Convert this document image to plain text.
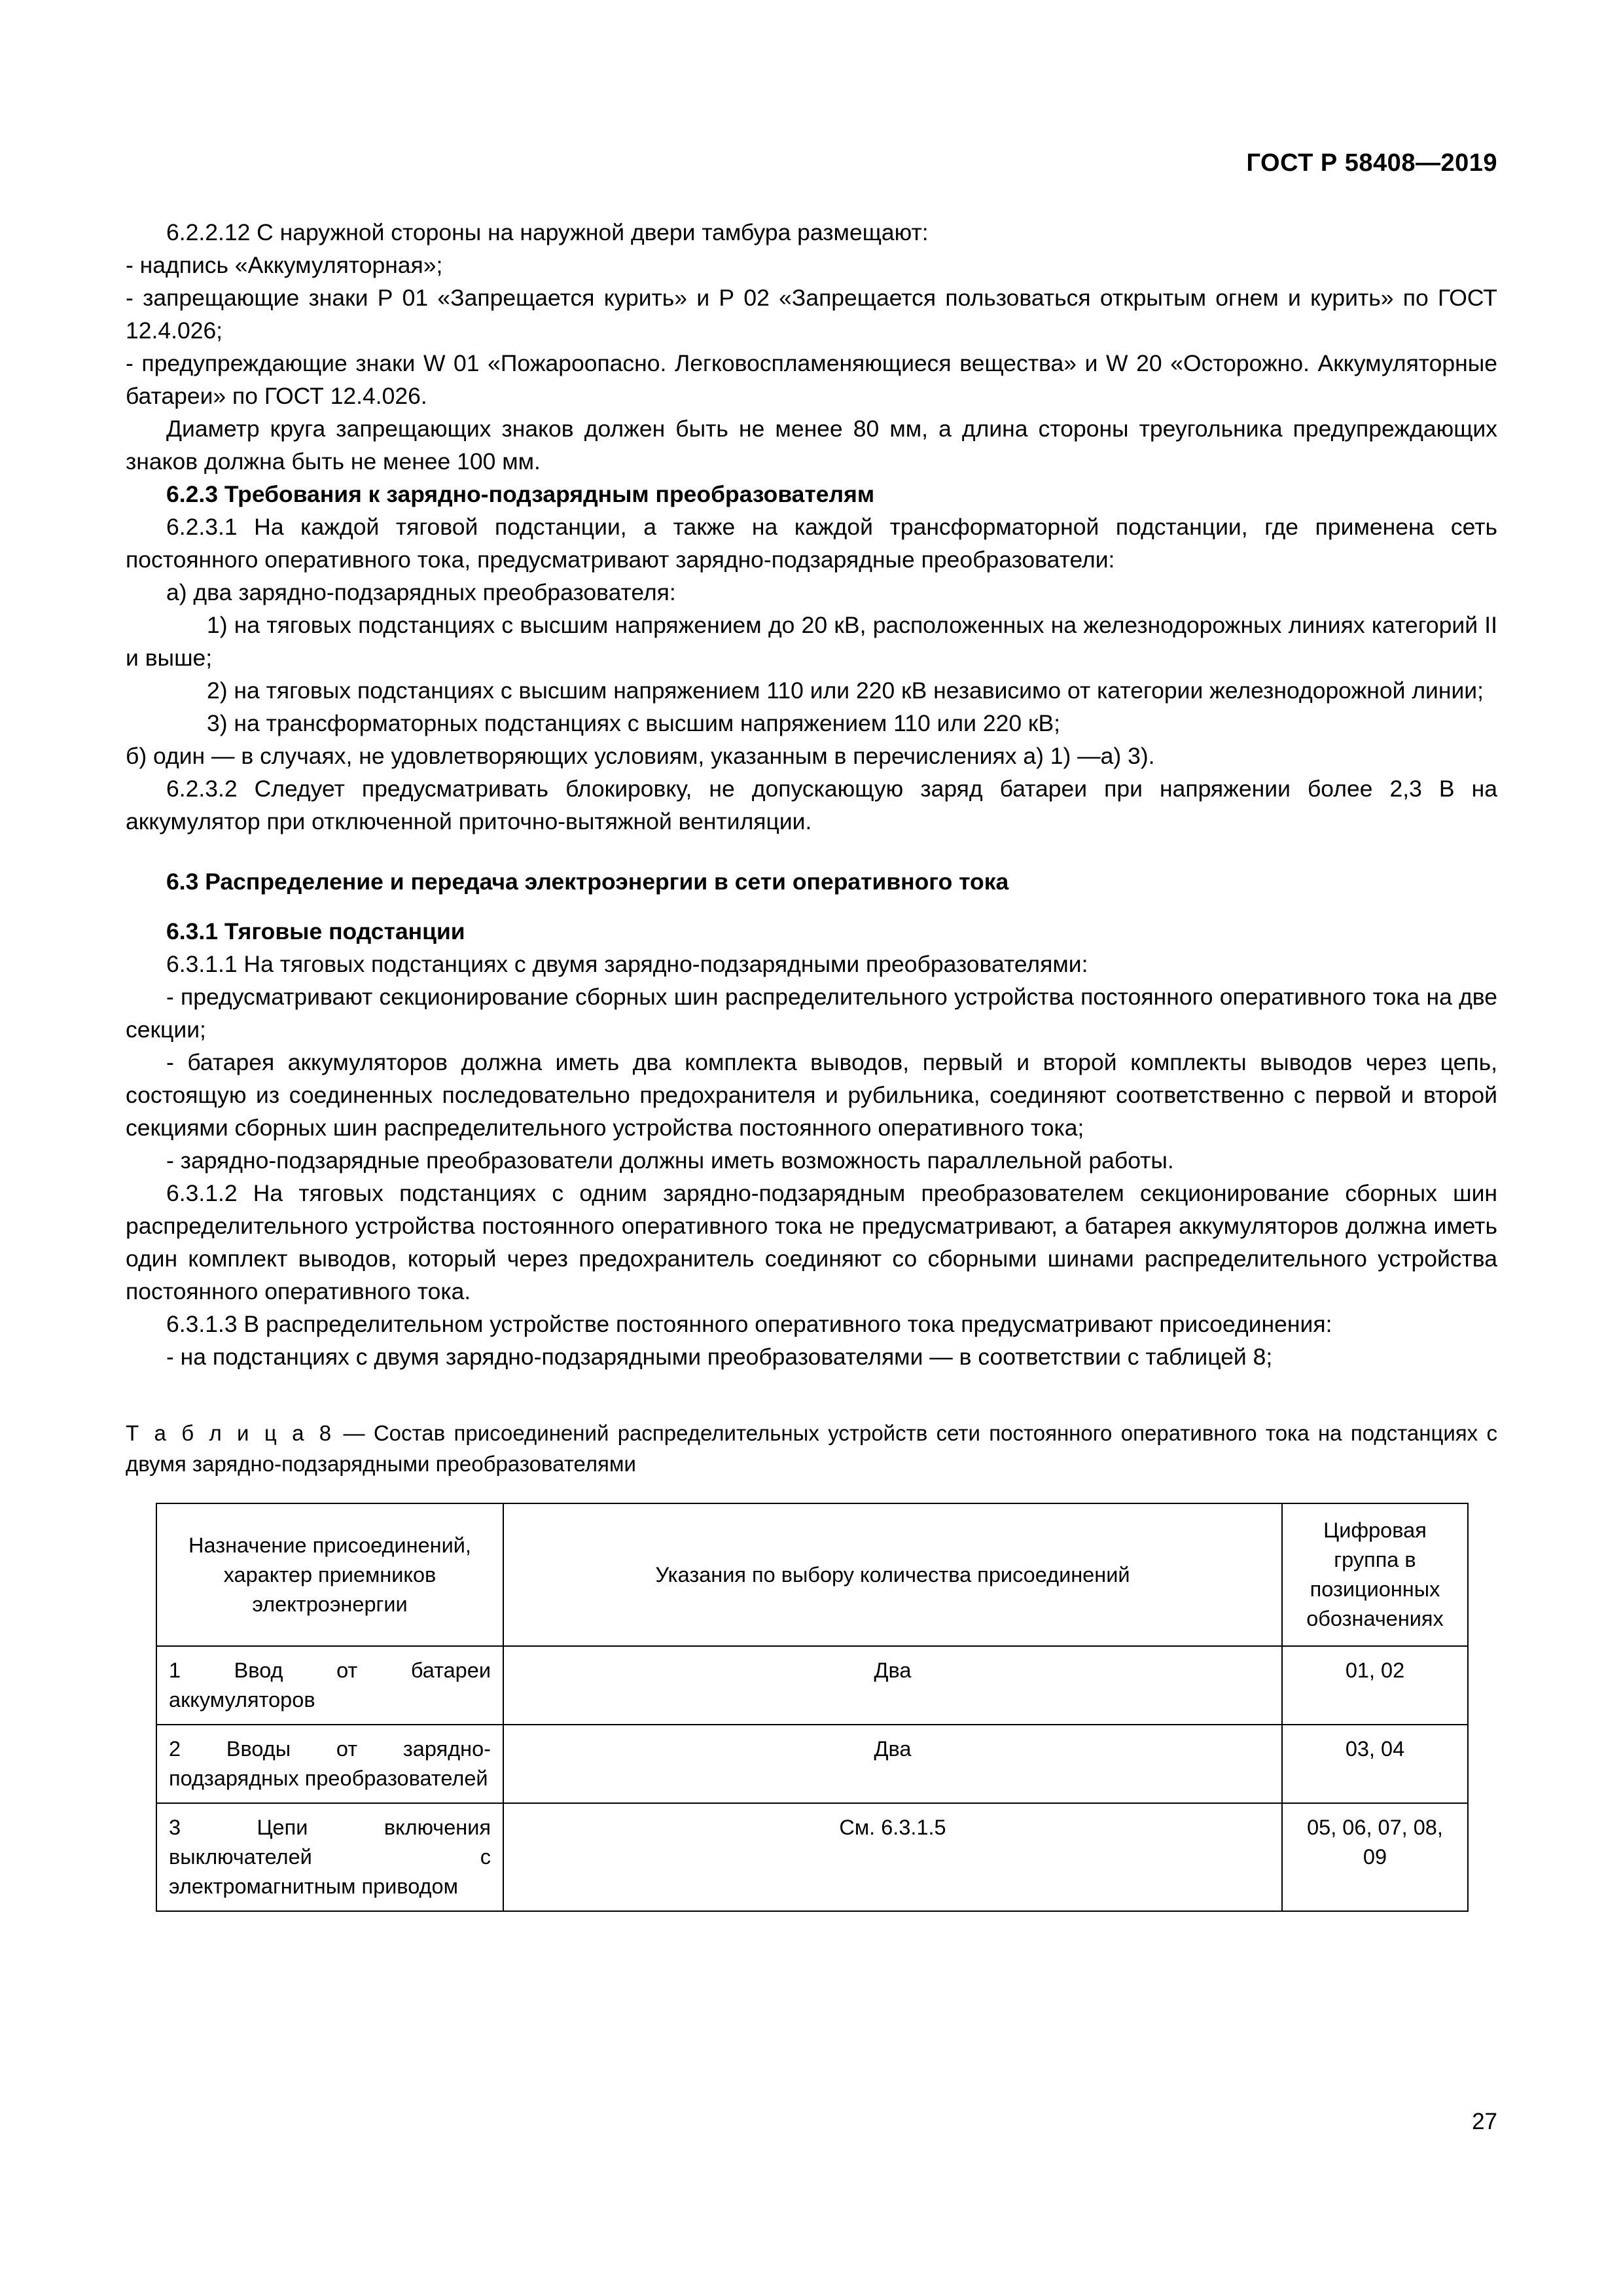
ГОСТ Р 58408—2019

6.2.2.12 С наружной стороны на наружной двери тамбура размещают:

- надпись «Аккумуляторная»;

- запрещающие знаки Р 01 «Запрещается курить» и Р 02 «Запрещается пользоваться открытым огнем и курить» по ГОСТ 12.4.026;

- предупреждающие знаки W 01 «Пожароопасно. Легковоспламеняющиеся вещества» и W 20 «Осторожно. Аккумуляторные батареи» по ГОСТ 12.4.026.

Диаметр круга запрещающих знаков должен быть не менее 80 мм, а длина стороны треугольника предупреждающих знаков должна быть не менее 100 мм.

6.2.3 Требования к зарядно-подзарядным преобразователям

6.2.3.1 На каждой тяговой подстанции, а также на каждой трансформаторной подстанции, где применена сеть постоянного оперативного тока, предусматривают зарядно-подзарядные преобразователи:

а) два зарядно-подзарядных преобразователя:

1) на тяговых подстанциях с высшим напряжением до 20 кВ, расположенных на железнодорожных линиях категорий II и выше;

2) на тяговых подстанциях с высшим напряжением 110 или 220 кВ независимо от категории железнодорожной линии;

3) на трансформаторных подстанциях с высшим напряжением 110 или 220 кВ;

б) один — в случаях, не удовлетворяющих условиям, указанным в перечислениях а) 1) —а) 3).

6.2.3.2 Следует предусматривать блокировку, не допускающую заряд батареи при напряжении более 2,3 В на аккумулятор при отключенной приточно-вытяжной вентиляции.

6.3 Распределение и передача электроэнергии в сети оперативного тока

6.3.1 Тяговые подстанции

6.3.1.1 На тяговых подстанциях с двумя зарядно-подзарядными преобразователями:

- предусматривают секционирование сборных шин распределительного устройства постоянного оперативного тока на две секции;

- батарея аккумуляторов должна иметь два комплекта выводов, первый и второй комплекты выводов через цепь, состоящую из соединенных последовательно предохранителя и рубильника, соединяют соответственно с первой и второй секциями сборных шин распределительного устройства постоянного оперативного тока;

- зарядно-подзарядные преобразователи должны иметь возможность параллельной работы.

6.3.1.2 На тяговых подстанциях с одним зарядно-подзарядным преобразователем секционирование сборных шин распределительного устройства постоянного оперативного тока не предусматривают, а батарея аккумуляторов должна иметь один комплект выводов, который через предохранитель соединяют со сборными шинами распределительного устройства постоянного оперативного тока.

6.3.1.3 В распределительном устройстве постоянного оперативного тока предусматривают присоединения:

- на подстанциях с двумя зарядно-подзарядными преобразователями — в соответствии с таблицей 8;

Т а б л и ц а 8 — Состав присоединений распределительных устройств сети постоянного оперативного тока на подстанциях с двумя зарядно-подзарядными преобразователями

Назначение присоединений, характер приемников электроэнергии	Указания по выбору количества присоединений	Цифровая группа в позиционных обозначениях
1 Ввод от батареи аккумуляторов	Два	01, 02
2 Вводы от зарядно-подзарядных преобразователей	Два	03, 04
3 Цепи включения выключателей с электромагнитным приводом	См. 6.3.1.5	05, 06, 07, 08, 09
27
